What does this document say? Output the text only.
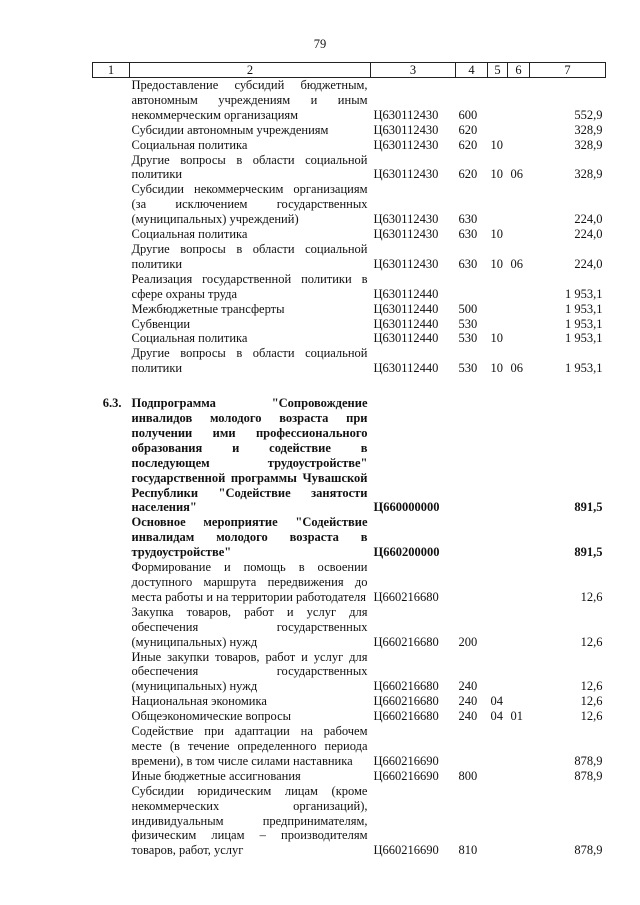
79
1	2	3	4	5	6	7
	Предоставление субсидий бюджетным, автономным учреждениям и иным некоммерческим организациям	Ц630112430	600			552,9
	Субсидии автономным учреждениям	Ц630112430	620			328,9
	Социальная политика	Ц630112430	620	10		328,9
	Другие вопросы в области социальной политики	Ц630112430	620	10	06	328,9
	Субсидии некоммерческим организациям (за исключением государственных (муниципальных) учреждений)	Ц630112430	630			224,0
	Социальная политика	Ц630112430	630	10		224,0
	Другие вопросы в области социальной политики	Ц630112430	630	10	06	224,0
	Реализация государственной политики в сфере охраны труда	Ц630112440				1 953,1
	Межбюджетные трансферты	Ц630112440	500			1 953,1
	Субвенции	Ц630112440	530			1 953,1
	Социальная политика	Ц630112440	530	10		1 953,1
	Другие вопросы в области социальной политики	Ц630112440	530	10	06	1 953,1

6.3.	Подпрограмма "Сопровождение инвалидов молодого возраста при получении ими профессионального образования и содействие в последующем трудоустройстве" государственной программы Чувашской Республики "Содействие занятости населения"	Ц660000000				891,5
	Основное мероприятие "Содействие инвалидам молодого возраста в трудоустройстве"	Ц660200000				891,5
	Формирование и помощь в освоении доступного маршрута передвижения до места работы и на территории работодателя	Ц660216680				12,6
	Закупка товаров, работ и услуг для обеспечения государственных (муниципальных) нужд	Ц660216680	200			12,6
	Иные закупки товаров, работ и услуг для обеспечения государственных (муниципальных) нужд	Ц660216680	240			12,6
	Национальная экономика	Ц660216680	240	04		12,6
	Общеэкономические вопросы	Ц660216680	240	04	01	12,6
	Содействие при адаптации на рабочем месте (в течение определенного периода времени), в том числе силами наставника	Ц660216690				878,9
	Иные бюджетные ассигнования	Ц660216690	800			878,9
	Субсидии юридическим лицам (кроме некоммерческих организаций), индивидуальным предпринимателям, физическим лицам – производителям товаров, работ, услуг	Ц660216690	810			878,9
